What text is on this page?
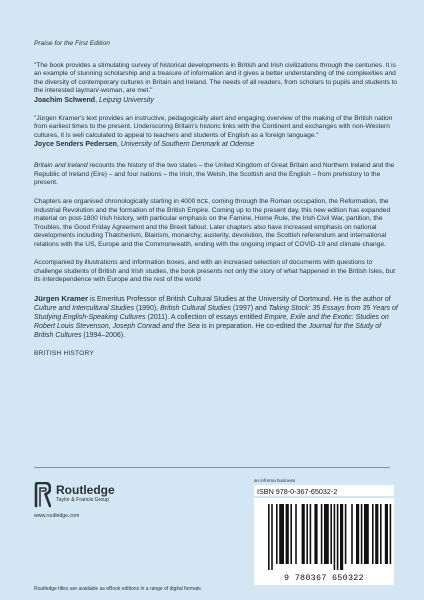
Praise for the First Edition

"The book provides a stimulating survey of historical developments in British and Irish civilizations through the centuries. It is an example of stunning scholarship and a treasure of information and it gives a better understanding of the complexities and the diversity of contemporary cultures in Britain and Ireland. The needs of all readers, from scholars to pupils and students to the interested layman/-woman, are met."

Joachim Schwend, Leipzig University

"Jürgen Kramer's text provides an instructive, pedagogically alert and engaging overview of the making of the British nation from earliest times to the present. Underscoring Britain's historic links with the Continent and exchanges with non-Western cultures, it is well calculated to appeal to teachers and students of English as a foreign language."

Joyce Senders Pedersen, University of Southern Denmark at Odense

Britain and Ireland recounts the history of the two states – the United Kingdom of Great Britain and Northern Ireland and the Republic of Ireland (Eire) – and four nations – the Irish, the Welsh, the Scottish and the English – from prehistory to the present.

Chapters are organised chronologically starting in 4000 BCE, coming through the Roman occupation, the Reformation, the Industrial Revolution and the formation of the British Empire. Coming up to the present day, this new edition has expanded material on post-1800 Irish history, with particular emphasis on the Famine, Home Rule, the Irish Civil War, partition, the Troubles, the Good Friday Agreement and the Brexit fallout. Later chapters also have increased emphasis on national developments including Thatcherism, Blairism, monarchy, austerity, devolution, the Scottish referendum and international relations with the US, Europe and the Commonwealth, ending with the ongoing impact of COVID-19 and climate change.

Accompanied by illustrations and information boxes, and with an increased selection of documents with questions to challenge students of British and Irish studies, the book presents not only the story of what happened in the British Isles, but its interdependence with Europe and the rest of the world

Jürgen Kramer is Emeritus Professor of British Cultural Studies at the University of Dortmund. He is the author of Culture and Intercultural Studies (1990), British Cultural Studies (1997) and Taking Stock: 35 Essays from 35 Years of Studying English-Speaking Cultures (2011). A collection of essays entitled Empire, Exile and the Exotic: Studies on Robert Louis Stevenson, Joseph Conrad and the Sea is in preparation. He co-edited the Journal for the Study of British Cultures (1994–2006).

BRITISH HISTORY

Routledge
Taylor & Francis Group
www.routledge.com
Routledge titles are available as eBook editions in a range of digital formats
an informa business
ISBN 978-0-367-65032-2
9
780367
650322
